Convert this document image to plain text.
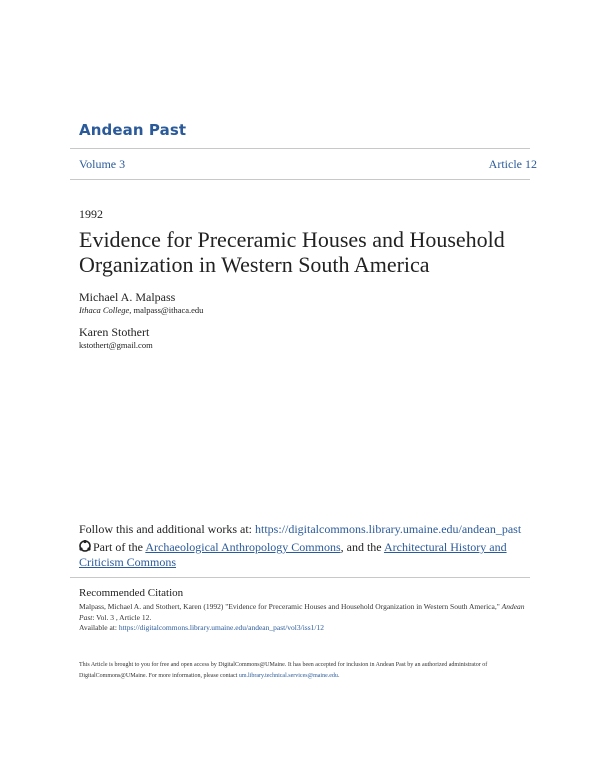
Andean Past
Volume 3	Article 12
1992
Evidence for Preceramic Houses and Household Organization in Western South America
Michael A. Malpass
Ithaca College, malpass@ithaca.edu
Karen Stothert
kstothert@gmail.com
Follow this and additional works at: https://digitalcommons.library.umaine.edu/andean_past
Part of the Archaeological Anthropology Commons, and the Architectural History and Criticism Commons
Recommended Citation
Malpass, Michael A. and Stothert, Karen (1992) "Evidence for Preceramic Houses and Household Organization in Western South America," Andean Past: Vol. 3 , Article 12.
Available at: https://digitalcommons.library.umaine.edu/andean_past/vol3/iss1/12
This Article is brought to you for free and open access by DigitalCommons@UMaine. It has been accepted for inclusion in Andean Past by an authorized administrator of DigitalCommons@UMaine. For more information, please contact um.library.technical.services@maine.edu.
